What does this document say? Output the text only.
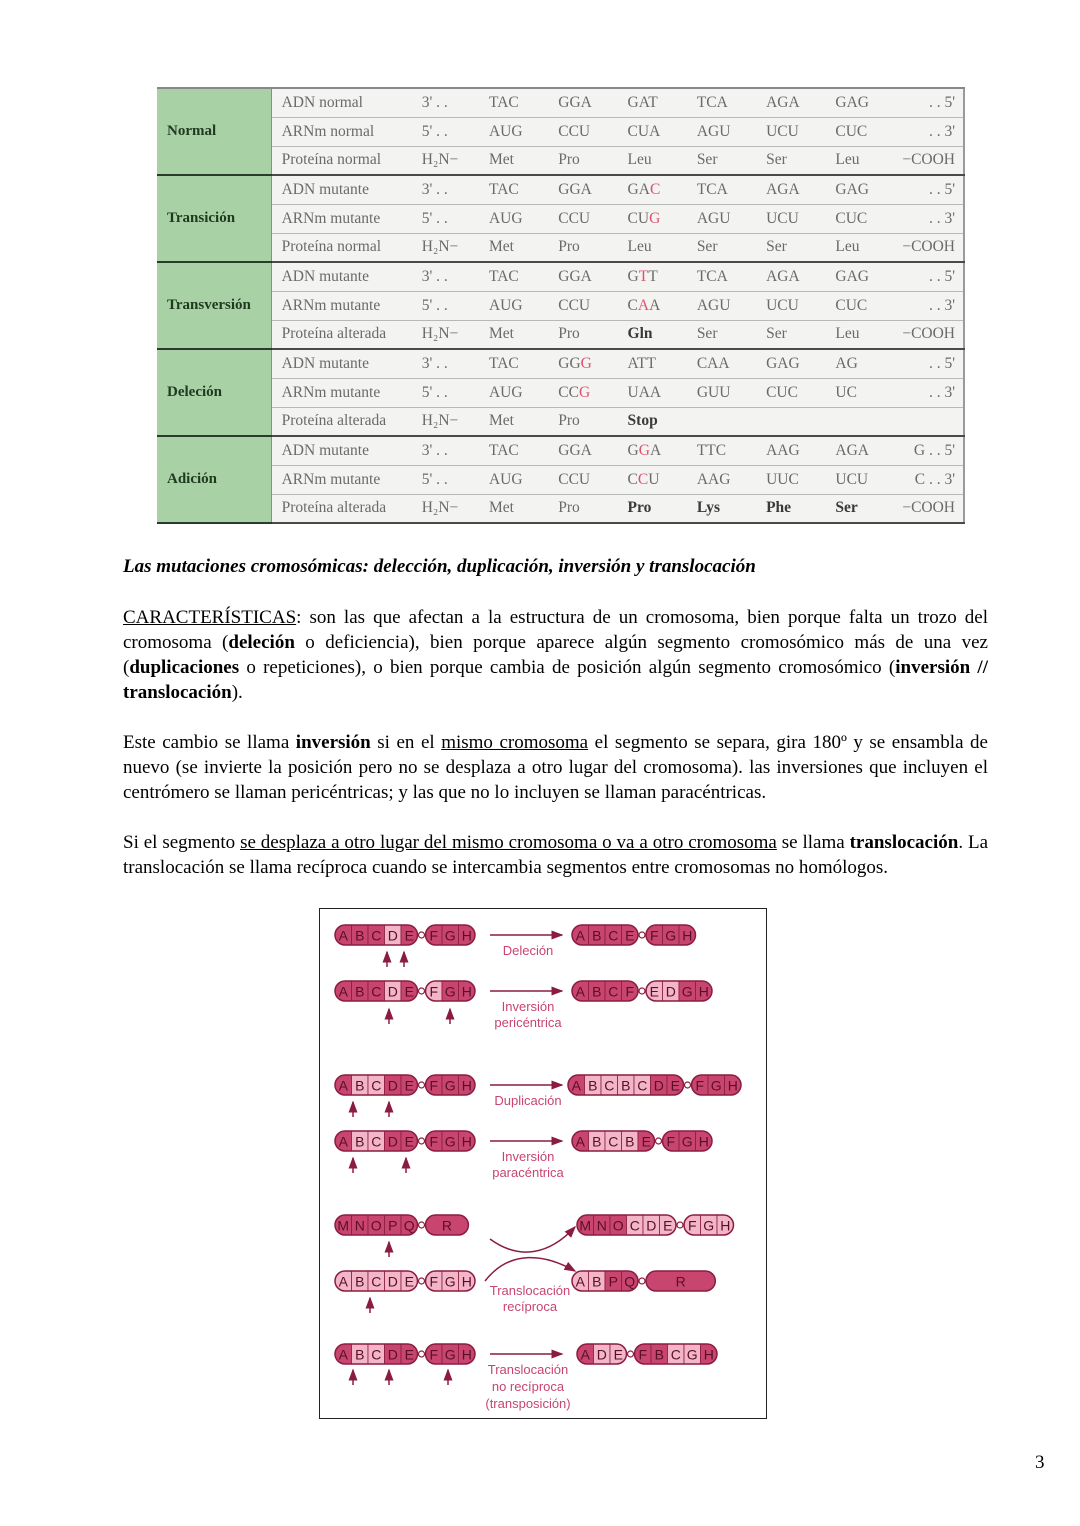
Normal	ADN normal	3' . .	TAC	GGA	GAT	TCA	AGA	GAG	. . 5'
	ARNm normal	5' . .	AUG	CCU	CUA	AGU	UCU	CUC	. . 3'
	Proteína normal	H₂N−	Met	Pro	Leu	Ser	Ser	Leu	−COOH
Transición	ADN mutante	3' . .	TAC	GGA	GAC	TCA	AGA	GAG	. . 5'
	ARNm mutante	5' . .	AUG	CCU	CUG	AGU	UCU	CUC	. . 3'
	Proteína normal	H₂N−	Met	Pro	Leu	Ser	Ser	Leu	−COOH
Transversión	ADN mutante	3' . .	TAC	GGA	GTT	TCA	AGA	GAG	. . 5'
	ARNm mutante	5' . .	AUG	CCU	CAA	AGU	UCU	CUC	. . 3'
	Proteína alterada	H₂N−	Met	Pro	Gln	Ser	Ser	Leu	−COOH
Deleción	ADN mutante	3' . .	TAC	GGG	ATT	CAA	GAG	AG	. . 5'
	ARNm mutante	5' . .	AUG	CCG	UAA	GUU	CUC	UC	. . 3'
	Proteína alterada	H₂N−	Met	Pro	Stop				
Adición	ADN mutante	3' . .	TAC	GGA	GGA	TTC	AAG	AGA	G . . 5'
	ARNm mutante	5' . .	AUG	CCU	CCU	AAG	UUC	UCU	C . . 3'
	Proteína alterada	H₂N−	Met	Pro	Pro	Lys	Phe	Ser	−COOH
Las mutaciones cromosómicas: delección, duplicación, inversión y translocación

CARACTERÍSTICAS: son las que afectan a la estructura de un cromosoma, bien porque falta un trozo del cromosoma (deleción o deficiencia), bien porque aparece algún segmento cromosómico más de una vez (duplicaciones o repeticiones), o bien porque cambia de posición algún segmento cromosómico (inversión // translocación).

Este cambio se llama inversión si en el mismo cromosoma el segmento se separa, gira 180º y se ensambla de nuevo (se invierte la posición pero no se desplaza a otro lugar del cromosoma). las inversiones que incluyen el centrómero se llaman pericéntricas; y las que no lo incluyen se llaman paracéntricas.

Si el segmento se desplaza a otro lugar del mismo cromosoma o va a otro cromosoma se llama translocación. La translocación se llama recíproca cuando se intercambia segmentos entre cromosomas no homólogos.

A B C D E F G H	A B C E F G H
A B C D E F G H	A B C F E D G H
A B C D E F G H	A B C B C D E F G H
A B C D E F G H	A B C B E F G H
M N O P Q R	M N O C D E F G H
A B C D E F G H	A B P Q	R
A B C D E F G H	A D E F B C G H
Deleción
Inversión
pericéntrica
Duplicación
Inversión
paracéntrica
Translocación
recíproca
Translocación
no recíproca
(transposición)
3
